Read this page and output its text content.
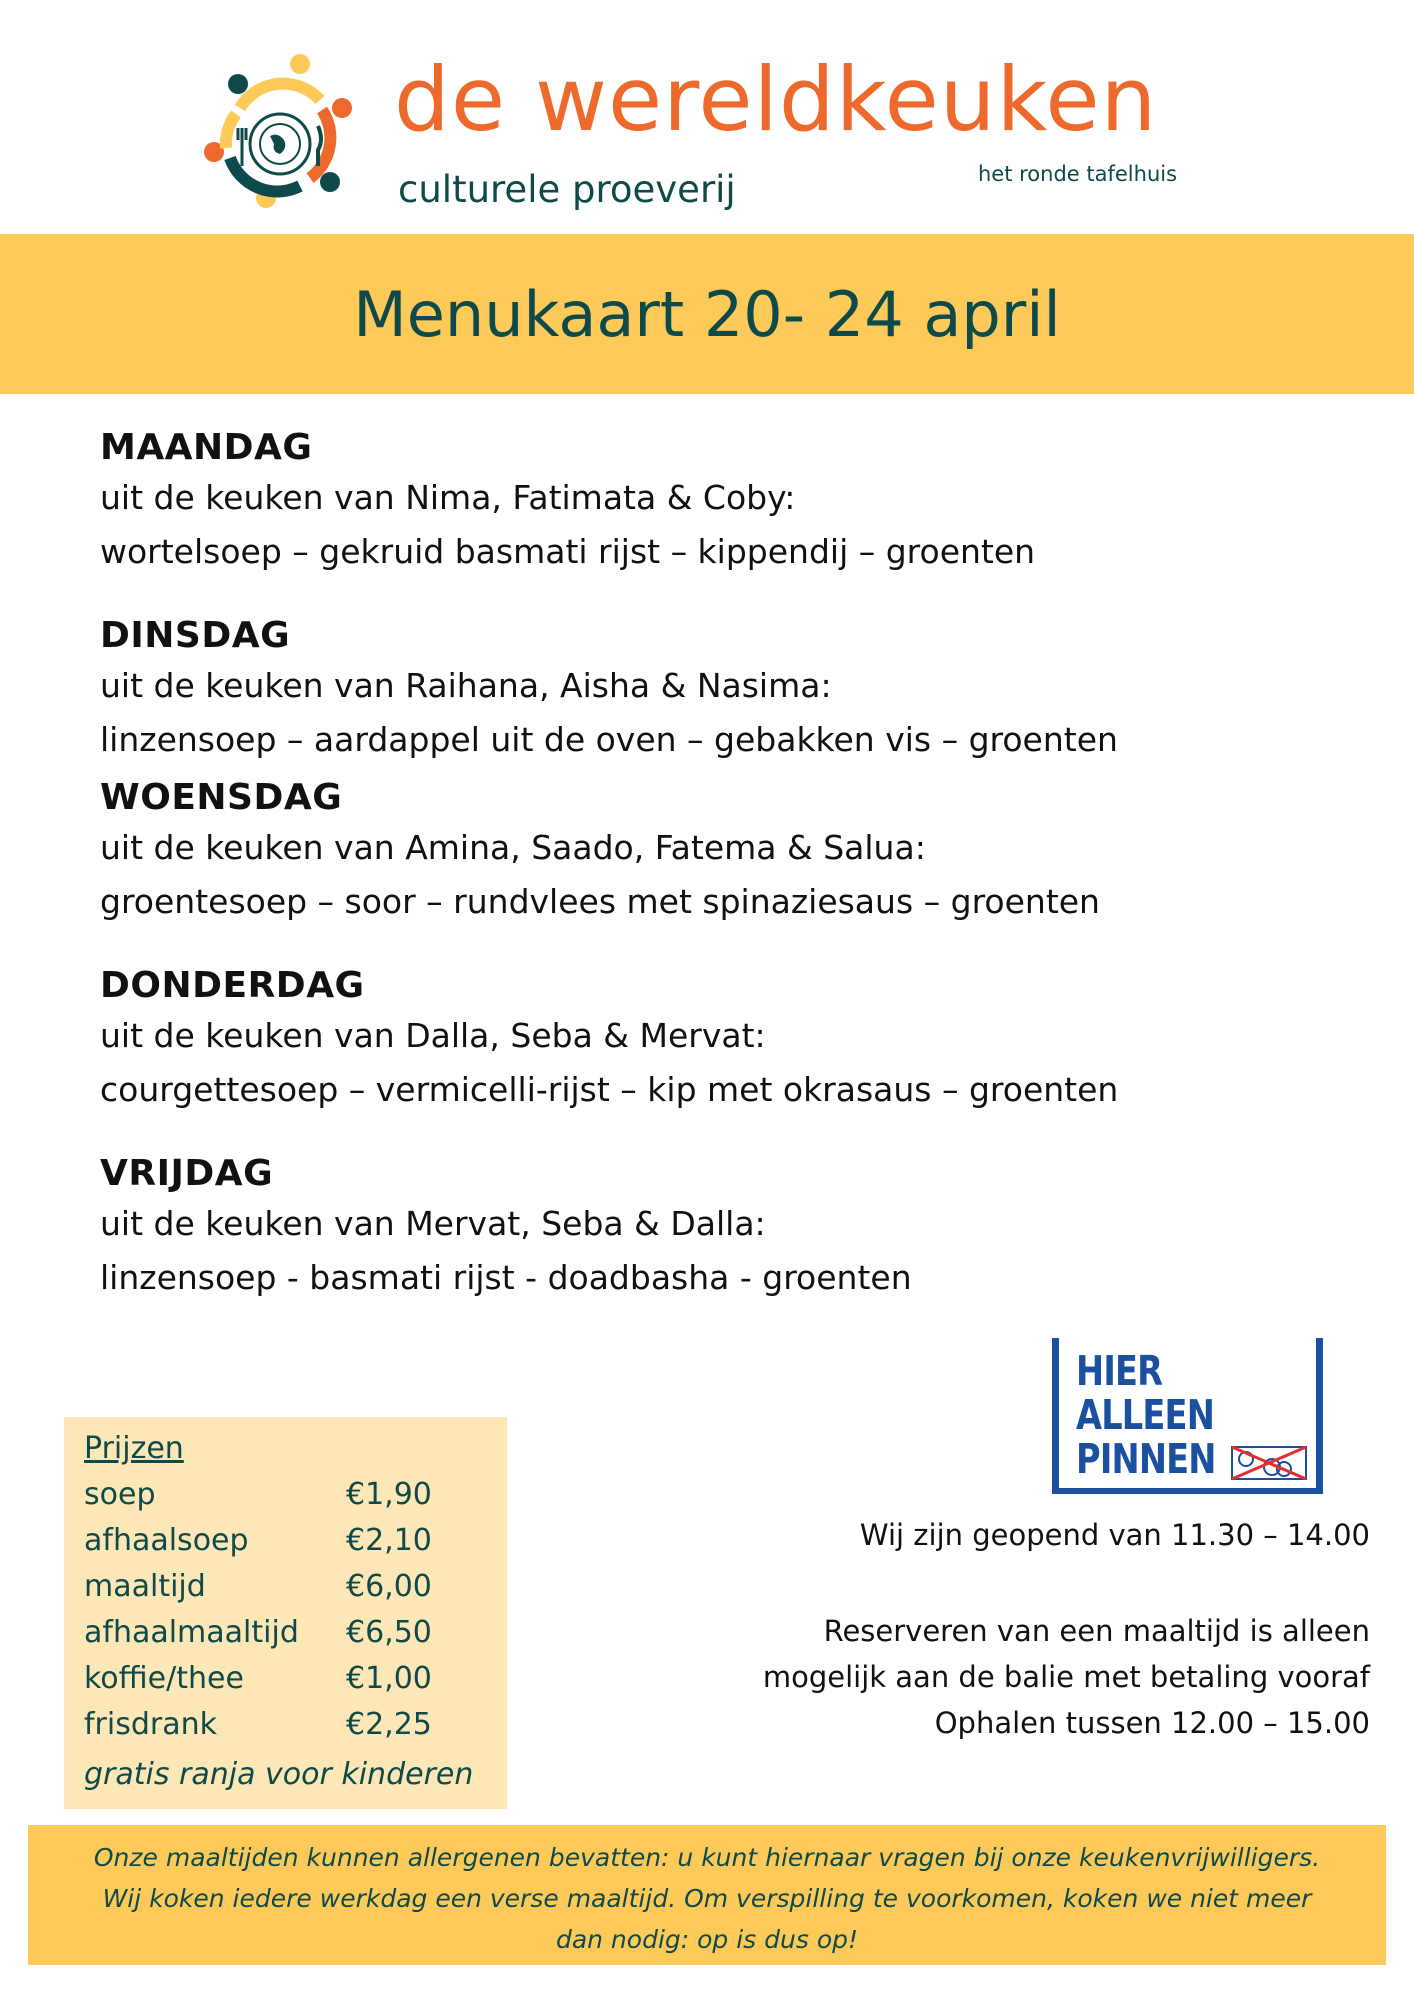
de wereldkeuken
culturele proeverij	het ronde tafelhuis
Menukaart 20- 24 april

MAANDAG

uit de keuken van Nima, Fatimata & Coby:

wortelsoep – gekruid basmati rijst – kippendij – groenten

DINSDAG

uit de keuken van Raihana, Aisha & Nasima:

linzensoep – aardappel uit de oven – gebakken vis – groenten

WOENSDAG

uit de keuken van Amina, Saado, Fatema & Salua:

groentesoep – soor – rundvlees met spinaziesaus – groenten

DONDERDAG

uit de keuken van Dalla, Seba & Mervat:

courgettesoep – vermicelli-rijst – kip met okrasaus – groenten

VRIJDAG

uit de keuken van Mervat, Seba & Dalla:

linzensoep - basmati rijst - doadbasha - groenten

HIER ALLEEN
PINNEN
Wij zijn geopend van 11.30 – 14.00
Reserveren van een maaltijd is alleen
mogelijk aan de balie met betaling vooraf
Ophalen tussen 12.00 – 15.00
Prijzen
soep	€1,90
afhaalsoep	€2,10
maaltijd	€6,00
afhaalmaaltijd €6,50
koffie/thee	€1,00
frisdrank	€2,25
gratis ranja voor kinderen

Onze maaltijden kunnen allergenen bevatten: u kunt hiernaar vragen bij onze keukenvrijwilligers.
Wij koken iedere werkdag een verse maaltijd. Om verspilling te voorkomen, koken we niet meer
dan nodig: op is dus op!
